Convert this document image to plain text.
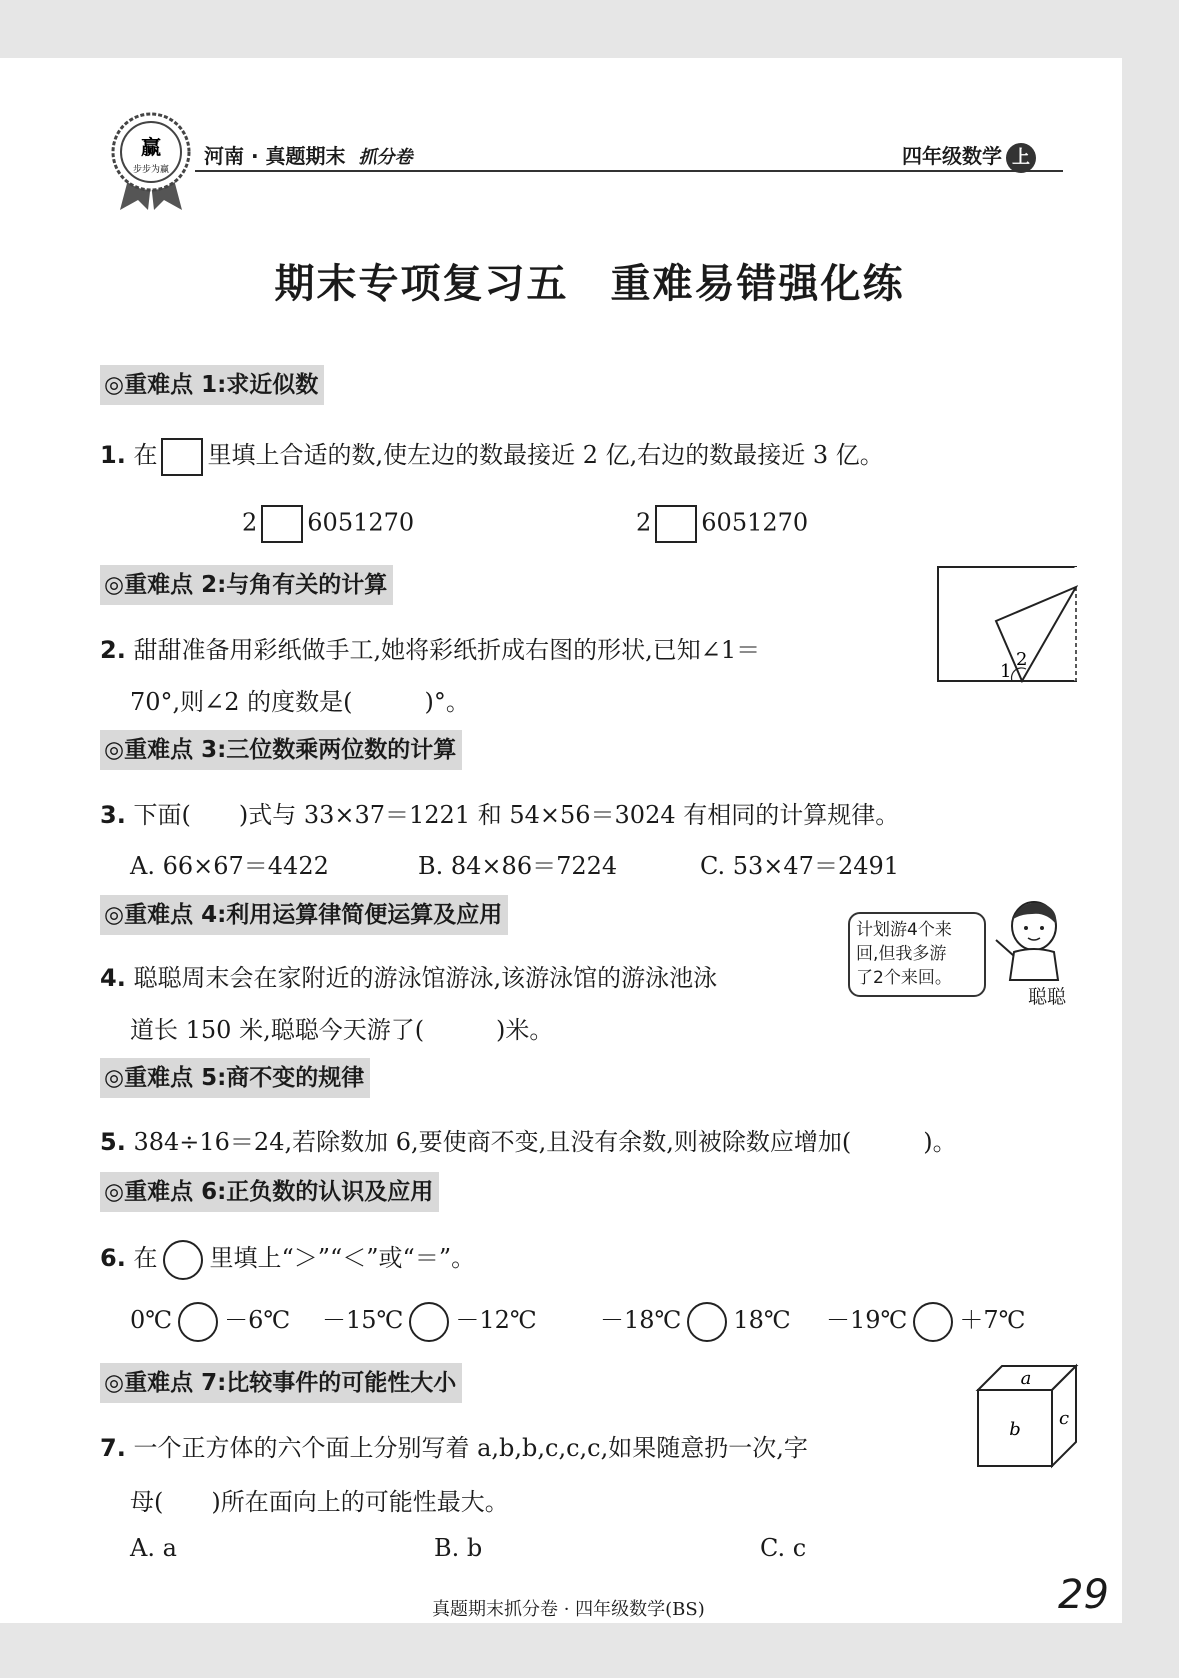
赢
步步为赢
河南 · 真题期末 抓分卷	四年级数学 上
期末专项复习五　重难易错强化练
◎重难点 1:求近似数
1. 在 里填上合适的数,使左边的数最接近 2 亿,右边的数最接近 3 亿。
2 6051270	2 6051270
◎重难点 2:与角有关的计算
2. 甜甜准备用彩纸做手工,她将彩纸折成右图的形状,已知∠1＝
70°,则∠2 的度数是(　　　)°。
1
2
◎重难点 3:三位数乘两位数的计算
3. 下面(　　)式与 33×37＝1221 和 54×56＝3024 有相同的计算规律。
A. 66×67＝4422	B. 84×86＝7224	C. 53×47＝2491
◎重难点 4:利用运算律简便运算及应用
4. 聪聪周末会在家附近的游泳馆游泳,该游泳馆的游泳池泳
道长 150 米,聪聪今天游了(　　　)米。
计划游4个来
回,但我多游
了2个来回。
聪聪
◎重难点 5:商不变的规律
5. 384÷16＝24,若除数加 6,要使商不变,且没有余数,则被除数应增加(　　　)。
◎重难点 6:正负数的认识及应用
6. 在 里填上“＞”“＜”或“＝”。
0℃ －6℃ －15℃ －12℃	－18℃ 18℃ －19℃ ＋7℃
◎重难点 7:比较事件的可能性大小
7. 一个正方体的六个面上分别写着 a,b,b,c,c,c,如果随意扔一次,字
母(　　)所在面向上的可能性最大。
A. a	B. b	C. c
a
b
c
真题期末抓分卷 · 四年级数学(BS)	29
